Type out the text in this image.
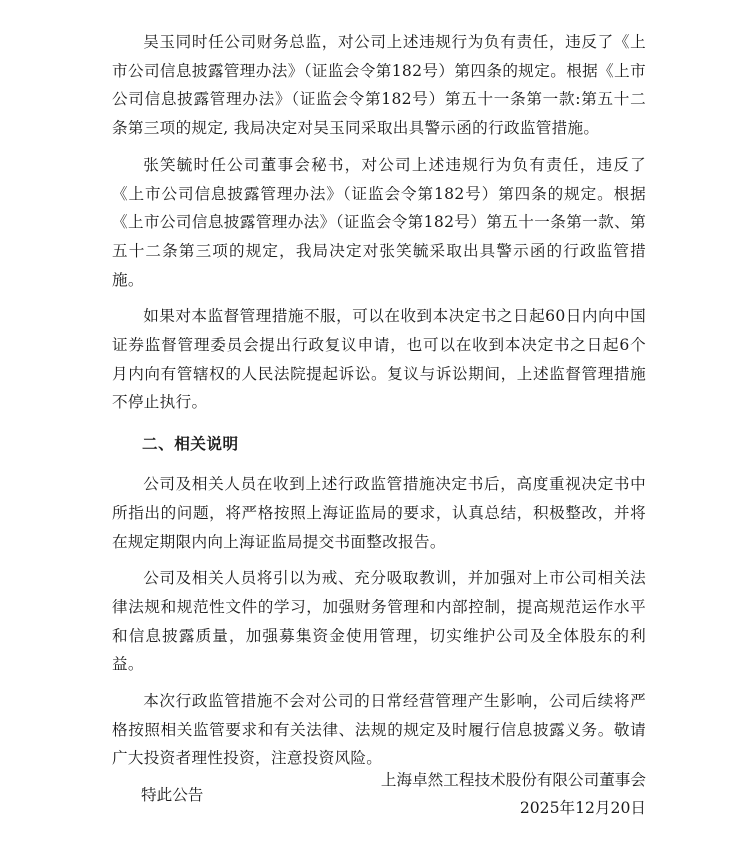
吴玉同时任公司财务总监，对公司上述违规行为负有责任，违反了《上市公司信息披露管理办法》（证监会令第182号）第四条的规定。根据《上市公司信息披露管理办法》（证监会令第182号）第五十一条第一款:第五十二条第三项的规定, 我局决定对吴玉同采取出具警示函的行政监管措施。

张笑毓时任公司董事会秘书，对公司上述违规行为负有责任，违反了《上市公司信息披露管理办法》（证监会令第182号）第四条的规定。根据《上市公司信息披露管理办法》（证监会令第182号）第五十一条第一款、第五十二条第三项的规定，我局决定对张笑毓采取出具警示函的行政监管措施。

如果对本监督管理措施不服，可以在收到本决定书之日起60日内向中国证券监督管理委员会提出行政复议申请，也可以在收到本决定书之日起6个月内向有管辖权的人民法院提起诉讼。复议与诉讼期间，上述监督管理措施不停止执行。

二、相关说明

公司及相关人员在收到上述行政监管措施决定书后，高度重视决定书中所指出的问题，将严格按照上海证监局的要求，认真总结，积极整改，并将在规定期限内向上海证监局提交书面整改报告。

公司及相关人员将引以为戒、充分吸取教训，并加强对上市公司相关法律法规和规范性文件的学习，加强财务管理和内部控制，提高规范运作水平和信息披露质量，加强募集资金使用管理，切实维护公司及全体股东的利益。

本次行政监管措施不会对公司的日常经营管理产生影响，公司后续将严格按照相关监管要求和有关法律、法规的规定及时履行信息披露义务。敬请广大投资者理性投资，注意投资风险。

特此公告

上海卓然工程技术股份有限公司董事会
2025年12月20日
